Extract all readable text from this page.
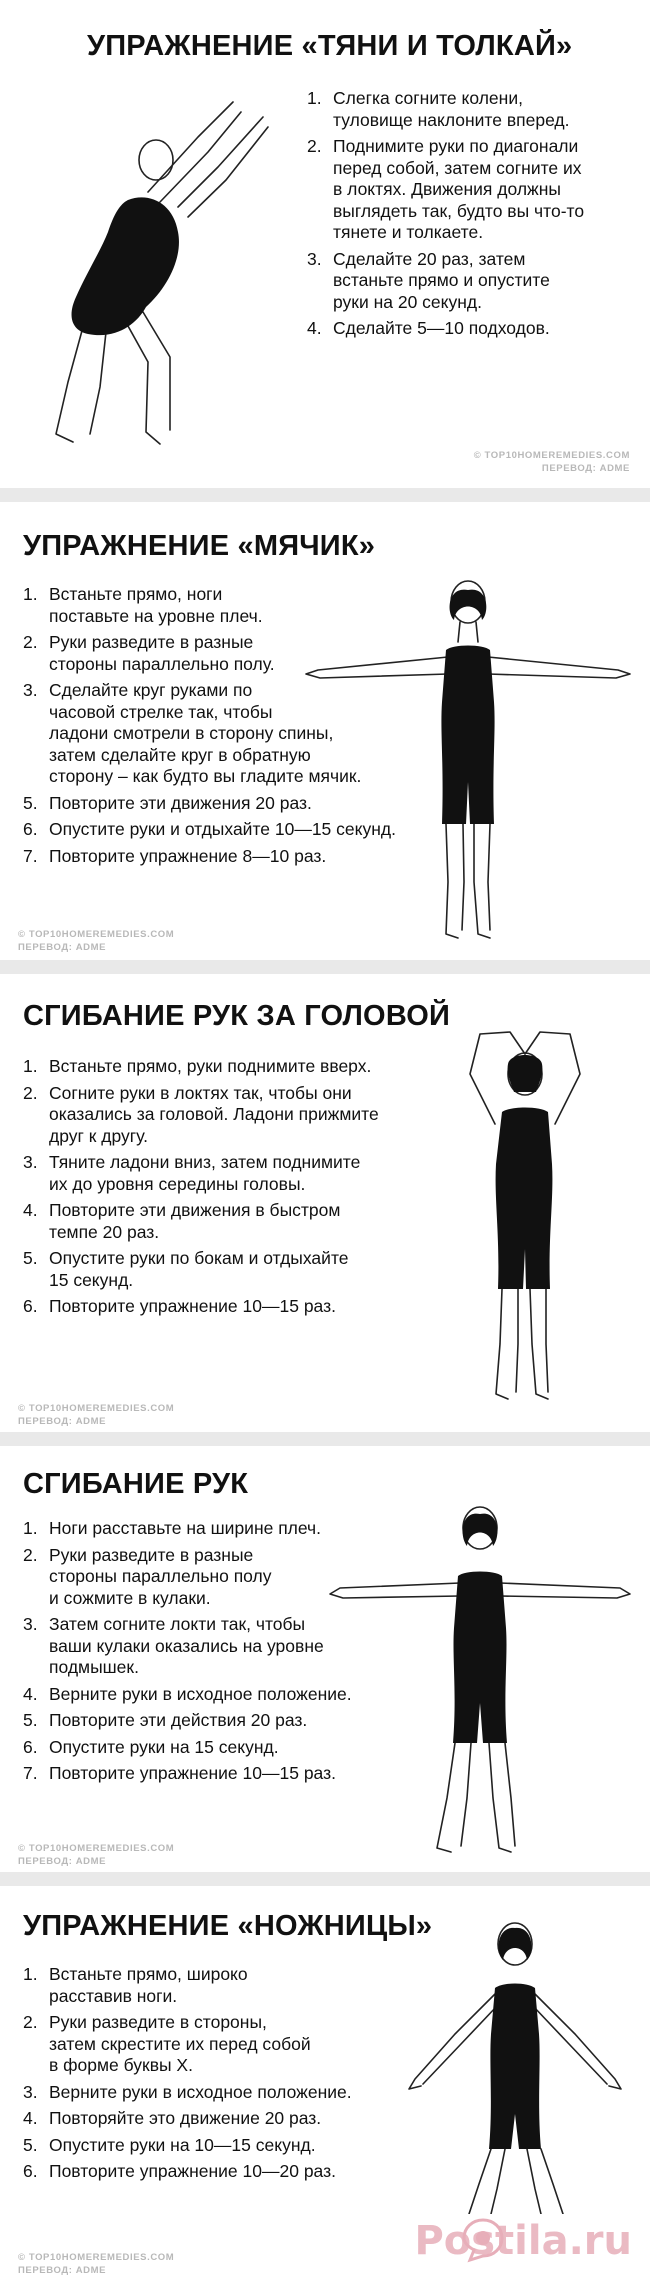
УПРАЖНЕНИЕ «ТЯНИ И ТОЛКАЙ»
1. Слегка согните колени,
туловище наклоните вперед.
2. Поднимите руки по диагонали
перед собой, затем согните их
в локтях. Движения должны
выглядеть так, будто вы что-то
тянете и толкаете.
3. Сделайте 20 раз, затем
встаньте прямо и опустите
руки на 20 секунд.
4. Сделайте 5—10 подходов.
© TOP10HOMEREMEDIES.COM
ПЕРЕВОД: ADME
УПРАЖНЕНИЕ «МЯЧИК»
1. Встаньте прямо, ноги
поставьте на уровне плеч.
2. Руки разведите в разные
стороны параллельно полу.
3. Сделайте круг руками по
часовой стрелке так, чтобы
ладони смотрели в сторону спины,
затем сделайте круг в обратную
сторону – как будто вы гладите мячик.
5. Повторите эти движения 20 раз.
6. Опустите руки и отдыхайте 10—15 секунд.
7. Повторите упражнение 8—10 раз.
© TOP10HOMEREMEDIES.COM
ПЕРЕВОД: ADME
СГИБАНИЕ РУК ЗА ГОЛОВОЙ
1. Встаньте прямо, руки поднимите вверх.
2. Согните руки в локтях так, чтобы они
оказались за головой. Ладони прижмите
друг к другу.
3. Тяните ладони вниз, затем поднимите
их до уровня середины головы.
4. Повторите эти движения в быстром
темпе 20 раз.
5. Опустите руки по бокам и отдыхайте
15 секунд.
6. Повторите упражнение 10—15 раз.
© TOP10HOMEREMEDIES.COM
ПЕРЕВОД: ADME
СГИБАНИЕ РУК
1. Ноги расставьте на ширине плеч.
2. Руки разведите в разные
стороны параллельно полу
и сожмите в кулаки.
3. Затем согните локти так, чтобы
ваши кулаки оказались на уровне
подмышек.
4. Верните руки в исходное положение.
5. Повторите эти действия 20 раз.
6. Опустите руки на 15 секунд.
7. Повторите упражнение 10—15 раз.
© TOP10HOMEREMEDIES.COM
ПЕРЕВОД: ADME
УПРАЖНЕНИЕ «НОЖНИЦЫ»
1. Встаньте прямо, широко
расставив ноги.
2. Руки разведите в стороны,
затем скрестите их перед собой
в форме буквы Х.
3. Верните руки в исходное положение.
4. Повторяйте это движение 20 раз.
5. Опустите руки на 10—15 секунд.
6. Повторите упражнение 10—20 раз.
© TOP10HOMEREMEDIES.COM
ПЕРЕВОД: ADME
Postila.ru
